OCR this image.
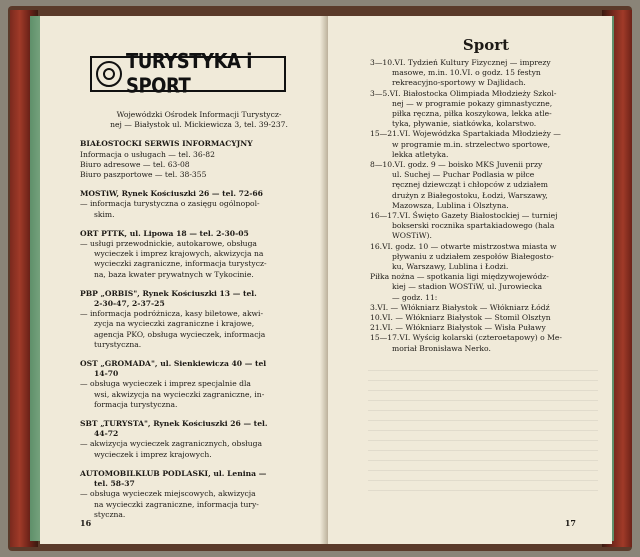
TURYSTYKA i SPORT

Wojewódzki Ośrodek Informacji Turystycz-

nej — Białystok ul. Mickiewicza 3, tel. 39-237.

BIAŁOSTOCKI SERWIS INFORMACYJNY

Informacja o usługach — tel. 36-82

Biuro adresowe — tel. 63-08

Biuro paszportowe — tel. 38-355

MOSTiW, Rynek Kościuszki 26 — tel. 72-66

— informacja turystyczna o zasięgu ogólnopol-

skim.

ORT PTTK, ul. Lipowa 18 — tel. 2-30-05

— usługi przewodnickie, autokarowe, obsługa

wycieczek i imprez krajowych, akwizycja na

wycieczki zagraniczne, informacja turystycz-

na, baza kwater prywatnych w Tykocinie.

PBP „ORBIS", Rynek Kościuszki 13 — tel.

2-30-47, 2-37-25

— informacja podróżnicza, kasy biletowe, akwi-

zycja na wycieczki zagraniczne i krajowe,

agencja PKO, obsługa wycieczek, informacja

turystyczna.

OST „GROMADA", ul. Sienkiewicza 40 — tel

14-70

— obsługa wycieczek i imprez specjalnie dla

wsi, akwizycja na wycieczki zagraniczne, in-

formacja turystyczna.

SBT „TURYSTA", Rynek Kościuszki 26 — tel.

44-72

— akwizycja wycieczek zagranicznych, obsługa

wycieczek i imprez krajowych.

AUTOMOBILKLUB PODLASKI, ul. Lenina —

tel. 58-37

— obsługa wycieczek miejscowych, akwizycja

na wycieczki zagraniczne, informacja tury-

styczna.

16

Sport

3—10.VI. Tydzień Kultury Fizycznej — imprezy

masowe, m.in. 10.VI. o godz. 15 festyn

rekreacyjno-sportowy w Dajlidach.

3—5.VI. Białostocka Olimpiada Młodzieży Szkol-

nej — w programie pokazy gimnastyczne,

piłka ręczna, piłka koszykowa, lekka atle-

tyka, pływanie, siatkówka, kolarstwo.

15—21.VI. Wojewódzka Spartakiada Młodzieży —

w programie m.in. strzelectwo sportowe,

lekka atletyka.

8—10.VI. godz. 9 — boisko MKS Juvenii przy

ul. Suchej — Puchar Podlasia w piłce

ręcznej dziewcząt i chłopców z udziałem

drużyn z Białegostoku, Łodzi, Warszawy,

Mazowsza, Lublina i Olsztyna.

16—17.VI. Święto Gazety Białostockiej — turniej

bokserski rocznika spartakiadowego (hala

WOSTiW).

16.VI. godz. 10 — otwarte mistrzostwa miasta w

pływaniu z udziałem zespołów Białegosto-

ku, Warszawy, Lublina i Łodzi.

Piłka nożna — spotkania ligi międzywojewódz-

kiej — stadion WOSTiW, ul. Jurowiecka

— godz. 11:

3.VI. — Włókniarz Białystok — Włókniarz Łódź

10.VI. — Włókniarz Białystok — Stomil Olsztyn

21.VI. — Włókniarz Białystok — Wisła Puławy

15—17.VI. Wyścig kolarski (czteroetapowy) o Me-

moriał Bronisława Nerko.

17
